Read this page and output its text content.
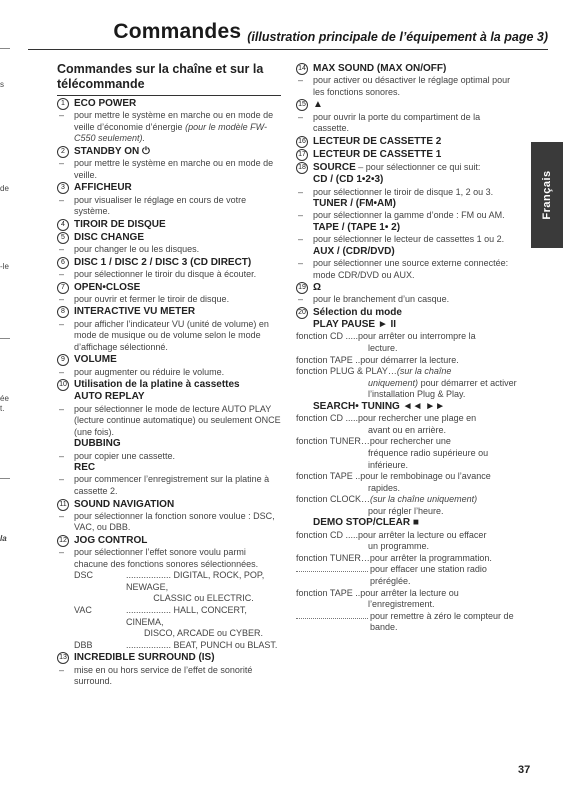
s
de
-le
ée
t.
la
Commandes (illustration principale de l’équipement à la page 3)
Français
Commandes sur la chaîne et sur la télécommande
1 ECO POWER
–	pour mettre le système en marche ou en mode de veille d’économie d’énergie (pour le modèle FW-C550 seulement).
2 STANDBY ON ⏻
–	pour mettre le système en marche ou en mode de veille.
3 AFFICHEUR
–	pour visualiser le réglage en cours de votre système.
4 TIROIR DE DISQUE
5 DISC CHANGE
–	pour changer le ou les disques.
6 DISC 1 / DISC 2 / DISC 3 (CD DIRECT)
–	pour sélectionner le tiroir du disque à écouter.
7 OPEN•CLOSE
–	pour ouvrir et fermer le tiroir de disque.
8 INTERACTIVE VU METER
–	pour afficher l’indicateur VU (unité de volume) en mode de musique ou de volume selon le mode d’affichage sélectionné.
9 VOLUME
–	pour augmenter ou réduire le volume.
10 Utilisation de la platine à cassettes
AUTO REPLAY
–	pour sélectionner le mode de lecture AUTO PLAY (lecture continue automatique) ou seulement ONCE (une fois).
DUBBING
–	pour copier une cassette.
REC
–	pour commencer l’enregistrement sur la platine à cassette 2.
11 SOUND NAVIGATION
–	pour sélectionner la fonction sonore voulue : DSC, VAC, ou DBB.
12 JOG CONTROL
–	pour sélectionner l’effet sonore voulu parmi chacune des fonctions sonores sélectionnées.
DSC	.................. DIGITAL, ROCK, POP, NEWAGE,
CLASSIC ou ELECTRIC.
VAC	.................. HALL, CONCERT, CINEMA,
DISCO, ARCADE ou CYBER.
DBB	.................. BEAT, PUNCH ou BLAST.
13 INCREDIBLE SURROUND (IS)
–	mise en ou hors service de l’effet de sonorité surround.
14 MAX SOUND (MAX ON/OFF)
–	pour activer ou désactiver le réglage optimal pour les fonctions sonores.
15 ▲
–	pour ouvrir la porte du compartiment de la cassette.
16 LECTEUR DE CASSETTE 2
17 LECTEUR DE CASSETTE 1
18 SOURCE – pour sélectionner ce qui suit:
CD / (CD 1•2•3)
–	pour sélectionner le tiroir de disque 1, 2 ou 3.
TUNER / (FM•AM)
–	pour sélectionner la gamme d’onde : FM ou AM.
TAPE / (TAPE 1• 2)
–	pour sélectionner le lecteur de cassettes 1 ou 2.
AUX / (CDR/DVD)
–	pour sélectionner une source externe connectée: mode CDR/DVD ou AUX.
19 Ω
–	pour le branchement d’un casque.
20 Sélection du mode
PLAY PAUSE ► II
fonction CD ..... pour arrêter ou interrompre la
lecture.
fonction TAPE .. pour démarrer la lecture.
fonction PLUG & PLAY… (sur la chaîne
uniquement) pour démarrer et activer l’installation Plug & Play.
SEARCH• TUNING ◄◄ ►►
fonction CD ..... pour rechercher une plage en
avant ou en arrière.
fonction TUNER… pour rechercher une
fréquence radio supérieure ou inférieure.
fonction TAPE .. pour le rembobinage ou l’avance
rapides.
fonction CLOCK… (sur la chaîne uniquement)
pour régler l’heure.
DEMO STOP/CLEAR ■
fonction CD ..... pour arrêter la lecture ou effacer
un programme.
fonction TUNER… pour arrêter la programmation.
pour effacer une station radio préréglée.
fonction TAPE .. pour arrêter la lecture ou
l’enregistrement.
pour remettre à zéro le compteur de bande.
37
